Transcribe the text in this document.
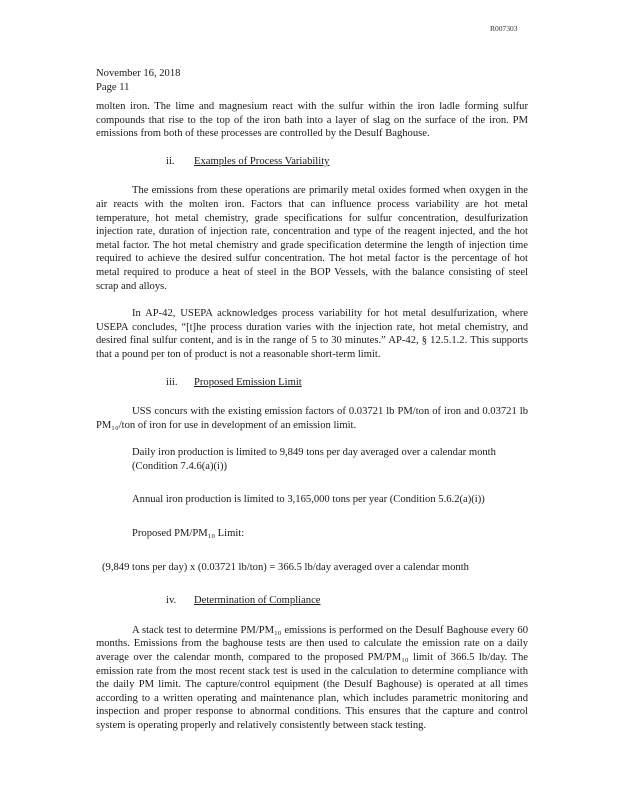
R007303
November 16, 2018
Page 11

molten iron. The lime and magnesium react with the sulfur within the iron ladle forming sulfur compounds that rise to the top of the iron bath into a layer of slag on the surface of the iron. PM emissions from both of these processes are controlled by the Desulf Baghouse.

ii. Examples of Process Variability

The emissions from these operations are primarily metal oxides formed when oxygen in the air reacts with the molten iron. Factors that can influence process variability are hot metal temperature, hot metal chemistry, grade specifications for sulfur concentration, desulfurization injection rate, duration of injection rate, concentration and type of the reagent injected, and the hot metal factor. The hot metal chemistry and grade specification determine the length of injection time required to achieve the desired sulfur concentration. The hot metal factor is the percentage of hot metal required to produce a heat of steel in the BOP Vessels, with the balance consisting of steel scrap and alloys.

In AP-42, USEPA acknowledges process variability for hot metal desulfurization, where USEPA concludes, “[t]he process duration varies with the injection rate, hot metal chemistry, and desired final sulfur content, and is in the range of 5 to 30 minutes.” AP-42, § 12.5.1.2. This supports that a pound per ton of product is not a reasonable short-term limit.

iii. Proposed Emission Limit

USS concurs with the existing emission factors of 0.03721 lb PM/ton of iron and 0.03721 lb PM₁₀/ton of iron for use in development of an emission limit.

Daily iron production is limited to 9,849 tons per day averaged over a calendar month (Condition 7.4.6(a)(i))

Annual iron production is limited to 3,165,000 tons per year (Condition 5.6.2(a)(i))

Proposed PM/PM₁₀ Limit:

(9,849 tons per day) x (0.03721 lb/ton) = 366.5 lb/day averaged over a calendar month

iv. Determination of Compliance

A stack test to determine PM/PM₁₀ emissions is performed on the Desulf Baghouse every 60 months. Emissions from the baghouse tests are then used to calculate the emission rate on a daily average over the calendar month, compared to the proposed PM/PM₁₀ limit of 366.5 lb/day. The emission rate from the most recent stack test is used in the calculation to determine compliance with the daily PM limit. The capture/control equipment (the Desulf Baghouse) is operated at all times according to a written operating and maintenance plan, which includes parametric monitoring and inspection and proper response to abnormal conditions. This ensures that the capture and control system is operating properly and relatively consistently between stack testing.
